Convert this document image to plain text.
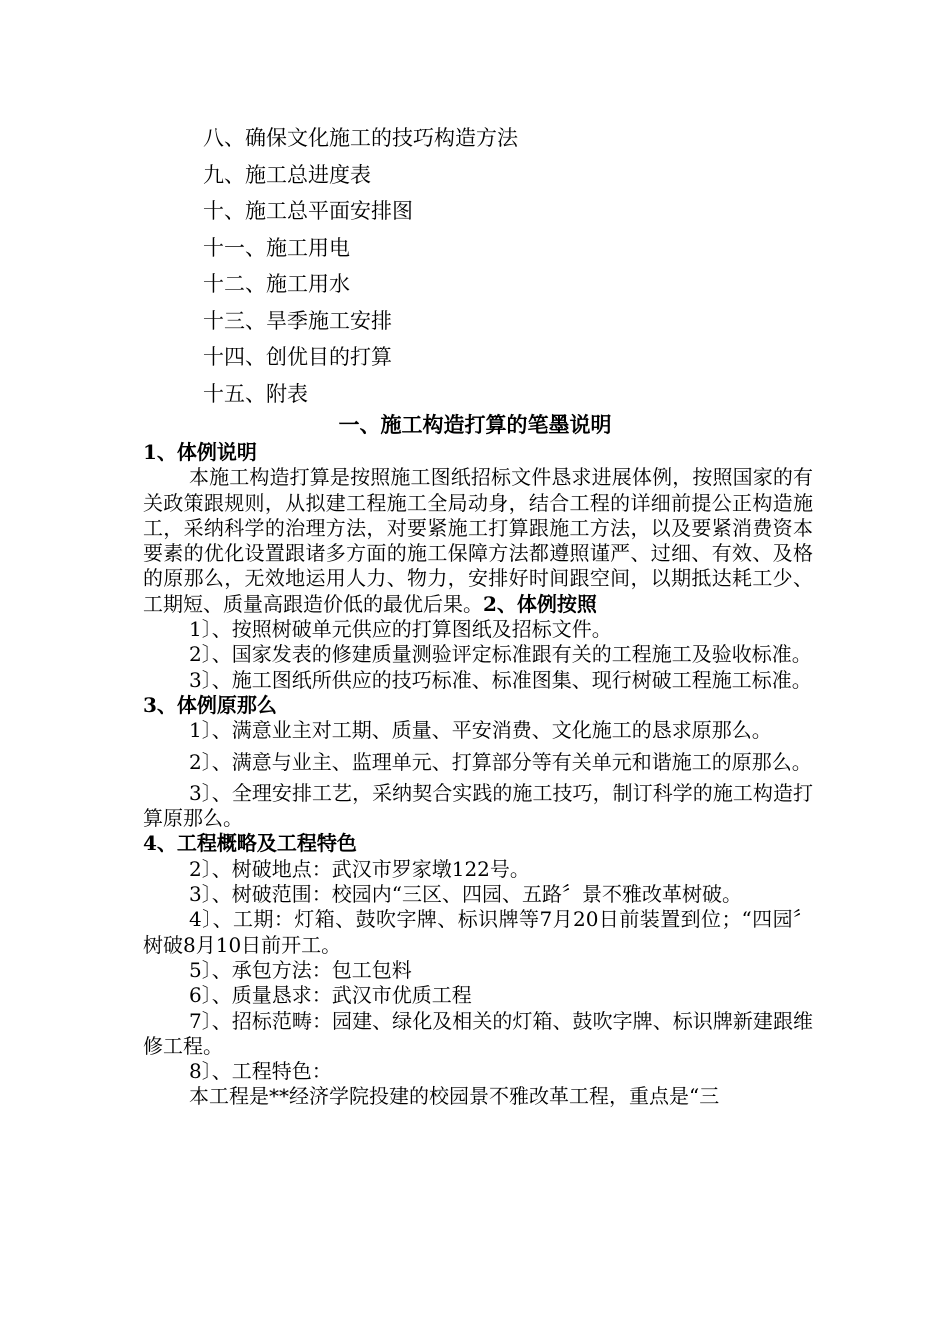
八、确保文化施工的技巧构造方法
九、施工总进度表
十、施工总平面安排图
十一、施工用电
十二、施工用水
十三、旱季施工安排
十四、创优目的打算
十五、附表
一、施工构造打算的笔墨说明

1、体例说明

本施工构造打算是按照施工图纸招标文件恳求进展体例，按照国家的有关政策跟规则，从拟建工程施工全局动身，结合工程的详细前提公正构造施工，采纳科学的治理方法，对要紧施工打算跟施工方法，以及要紧消费资本要素的优化设置跟诸多方面的施工保障方法都遵照谨严、过细、有效、及格的原那么，无效地运用人力、物力，安排好时间跟空间，以期抵达耗工少、工期短、质量高跟造价低的最优后果。2、体例按照

1〕、按照树破单元供应的打算图纸及招标文件。

2〕、国家发表的修建质量测验评定标准跟有关的工程施工及验收标准。

3〕、施工图纸所供应的技巧标准、标准图集、现行树破工程施工标准。

3、体例原那么

1〕、满意业主对工期、质量、平安消费、文化施工的恳求原那么。

2〕、满意与业主、监理单元、打算部分等有关单元和谐施工的原那么。

3〕、全理安排工艺，采纳契合实践的施工技巧，制订科学的施工构造打算原那么。

4、工程概略及工程特色

2〕、树破地点：武汉市罗家墩122号。

3〕、树破范围：校园内“三区、四园、五路〞景不雅改革树破。

4〕、工期：灯箱、鼓吹字牌、标识牌等7月20日前装置到位；“四园〞树破8月10日前开工。

5〕、承包方法：包工包料

6〕、质量恳求：武汉市优质工程

7〕、招标范畴：园建、绿化及相关的灯箱、鼓吹字牌、标识牌新建跟维修工程。

8〕、工程特色：

本工程是**经济学院投建的校园景不雅改革工程，重点是“三
